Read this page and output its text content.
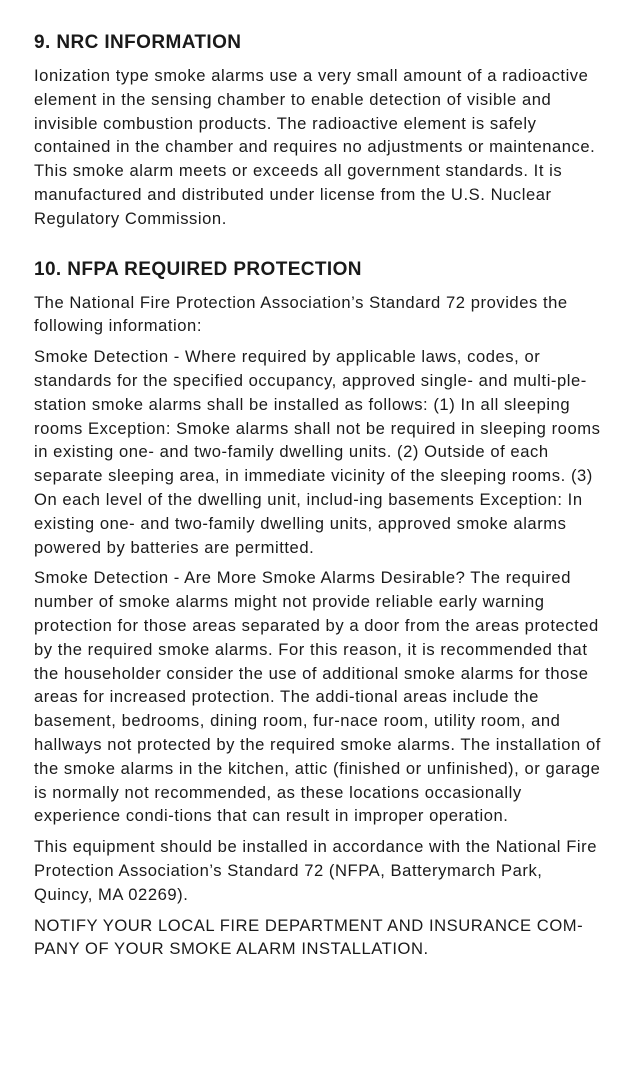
9. NRC INFORMATION

Ionization type smoke alarms use a very small amount of a radioactive element in the sensing chamber to enable detection of visible and invisible combustion products. The radioactive element is safely contained in the chamber and requires no adjustments or maintenance. This smoke alarm meets or exceeds all government standards. It is manufactured and distributed under license from the U.S. Nuclear Regulatory Commission.

10. NFPA REQUIRED PROTECTION

The National Fire Protection Association’s Standard 72 provides the following information:

Smoke Detection - Where required by applicable laws, codes, or standards for the specified occupancy, approved single- and multi-ple-station smoke alarms shall be installed as follows: (1) In all sleeping rooms Exception: Smoke alarms shall not be required in sleeping rooms in existing one- and two-family dwelling units. (2) Outside of each separate sleeping area, in immediate vicinity of the sleeping rooms. (3) On each level of the dwelling unit, includ-ing basements Exception: In existing one- and two-family dwelling units, approved smoke alarms powered by batteries are permitted.

Smoke Detection - Are More Smoke Alarms Desirable? The required number of smoke alarms might not provide reliable early warning protection for those areas separated by a door from the areas protected by the required smoke alarms. For this reason, it is recommended that the householder consider the use of additional smoke alarms for those areas for increased protection. The addi-tional areas include the basement, bedrooms, dining room, fur-nace room, utility room, and hallways not protected by the required smoke alarms. The installation of the smoke alarms in the kitchen, attic (finished or unfinished), or garage is normally not recommended, as these locations occasionally experience condi-tions that can result in improper operation.

This equipment should be installed in accordance with the National Fire Protection Association’s Standard 72 (NFPA, Batterymarch Park, Quincy, MA 02269).

NOTIFY YOUR LOCAL FIRE DEPARTMENT AND INSURANCE COM-PANY OF YOUR SMOKE ALARM INSTALLATION.
